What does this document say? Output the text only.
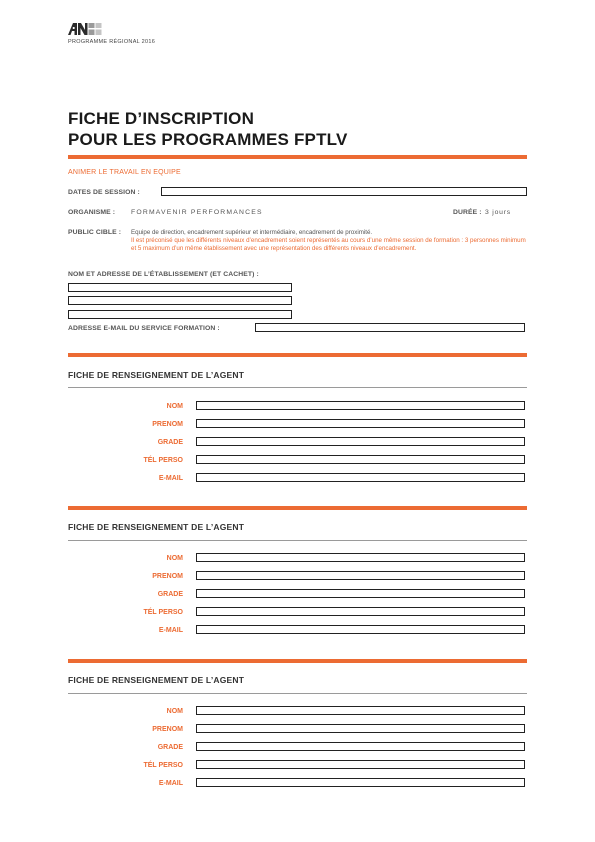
PROGRAMME RÉGIONAL 2016
FICHE D’INSCRIPTION
POUR LES PROGRAMMES FPTLV
ANIMER LE TRAVAIL EN EQUIPE
DATES DE SESSION :
ORGANISME : FORMAVENIR PERFORMANCES	DURÉE : 3 jours
PUBLIC CIBLE : Equipe de direction, encadrement supérieur et intermédiaire, encadrement de proximité.
Il est préconisé que les différents niveaux d’encadrement soient représentés au cours d’une même session de formation : 3 personnes minimum et 5 maximum d’un même établissement avec une représentation des différents niveaux d’encadrement.
NOM ET ADRESSE DE L’ÉTABLISSEMENT (ET CACHET) :
ADRESSE E-MAIL DU SERVICE FORMATION :
FICHE DE RENSEIGNEMENT DE L’AGENT
NOM
PRENOM
GRADE
TÉL PERSO
E-MAIL
FICHE DE RENSEIGNEMENT DE L’AGENT
NOM
PRENOM
GRADE
TÉL PERSO
E-MAIL
FICHE DE RENSEIGNEMENT DE L’AGENT
NOM
PRENOM
GRADE
TÉL PERSO
E-MAIL
